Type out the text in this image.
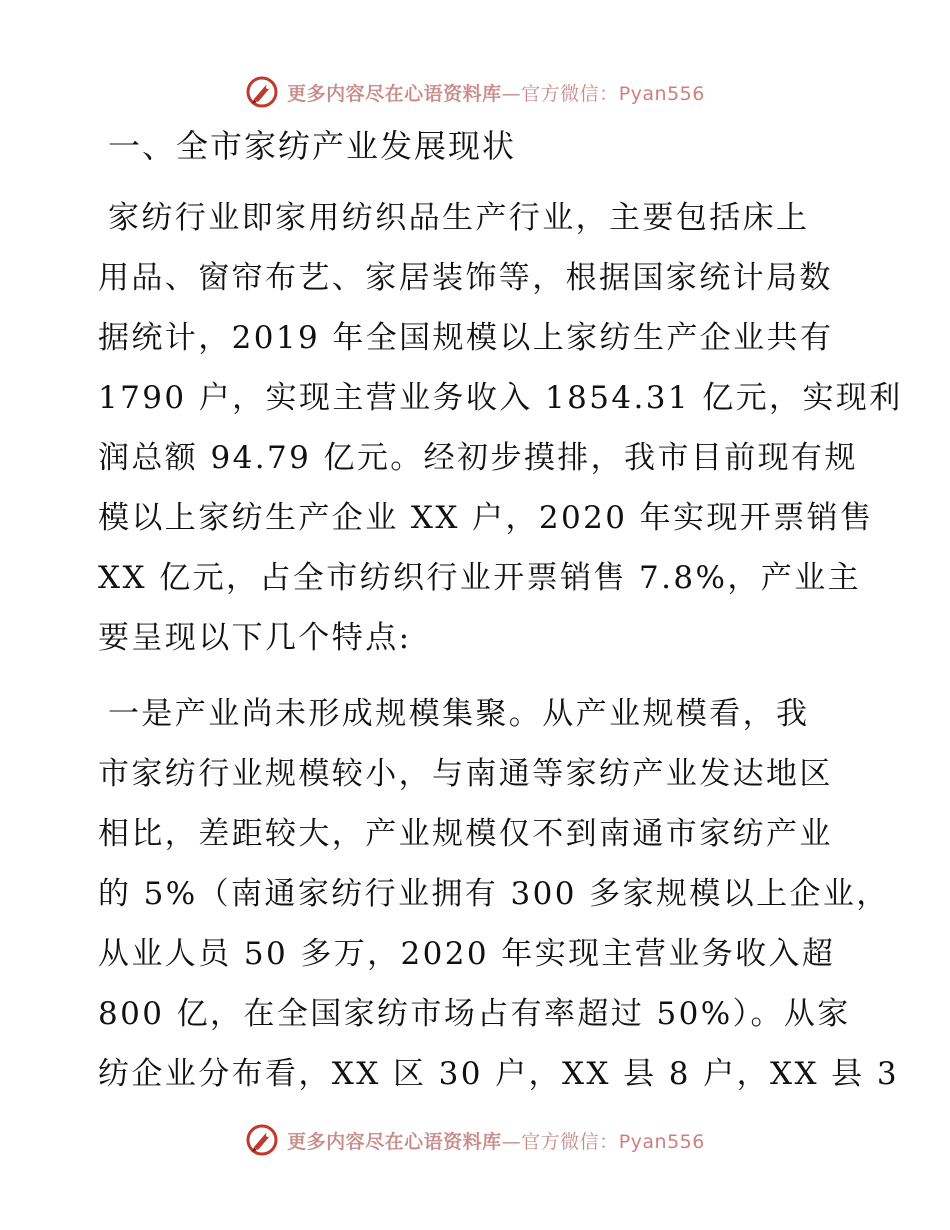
更多内容尽在心语资料库—官方微信：Pyan556
一、全市家纺产业发展现状
家纺行业即家用纺织品生产行业，主要包括床上
用品、窗帘布艺、家居装饰等，根据国家统计局数
据统计，2019 年全国规模以上家纺生产企业共有
1790 户，实现主营业务收入 1854.31 亿元，实现利
润总额 94.79 亿元。经初步摸排，我市目前现有规
模以上家纺生产企业 XX 户，2020 年实现开票销售
XX 亿元，占全市纺织行业开票销售 7.8%，产业主
要呈现以下几个特点:
一是产业尚未形成规模集聚。从产业规模看，我
市家纺行业规模较小，与南通等家纺产业发达地区
相比，差距较大，产业规模仅不到南通市家纺产业
的 5%（南通家纺行业拥有 300 多家规模以上企业，
从业人员 50 多万，2020 年实现主营业务收入超
800 亿，在全国家纺市场占有率超过 50%）。从家
纺企业分布看，XX 区 30 户，XX 县 8 户，XX 县 3
更多内容尽在心语资料库—官方微信：Pyan556
